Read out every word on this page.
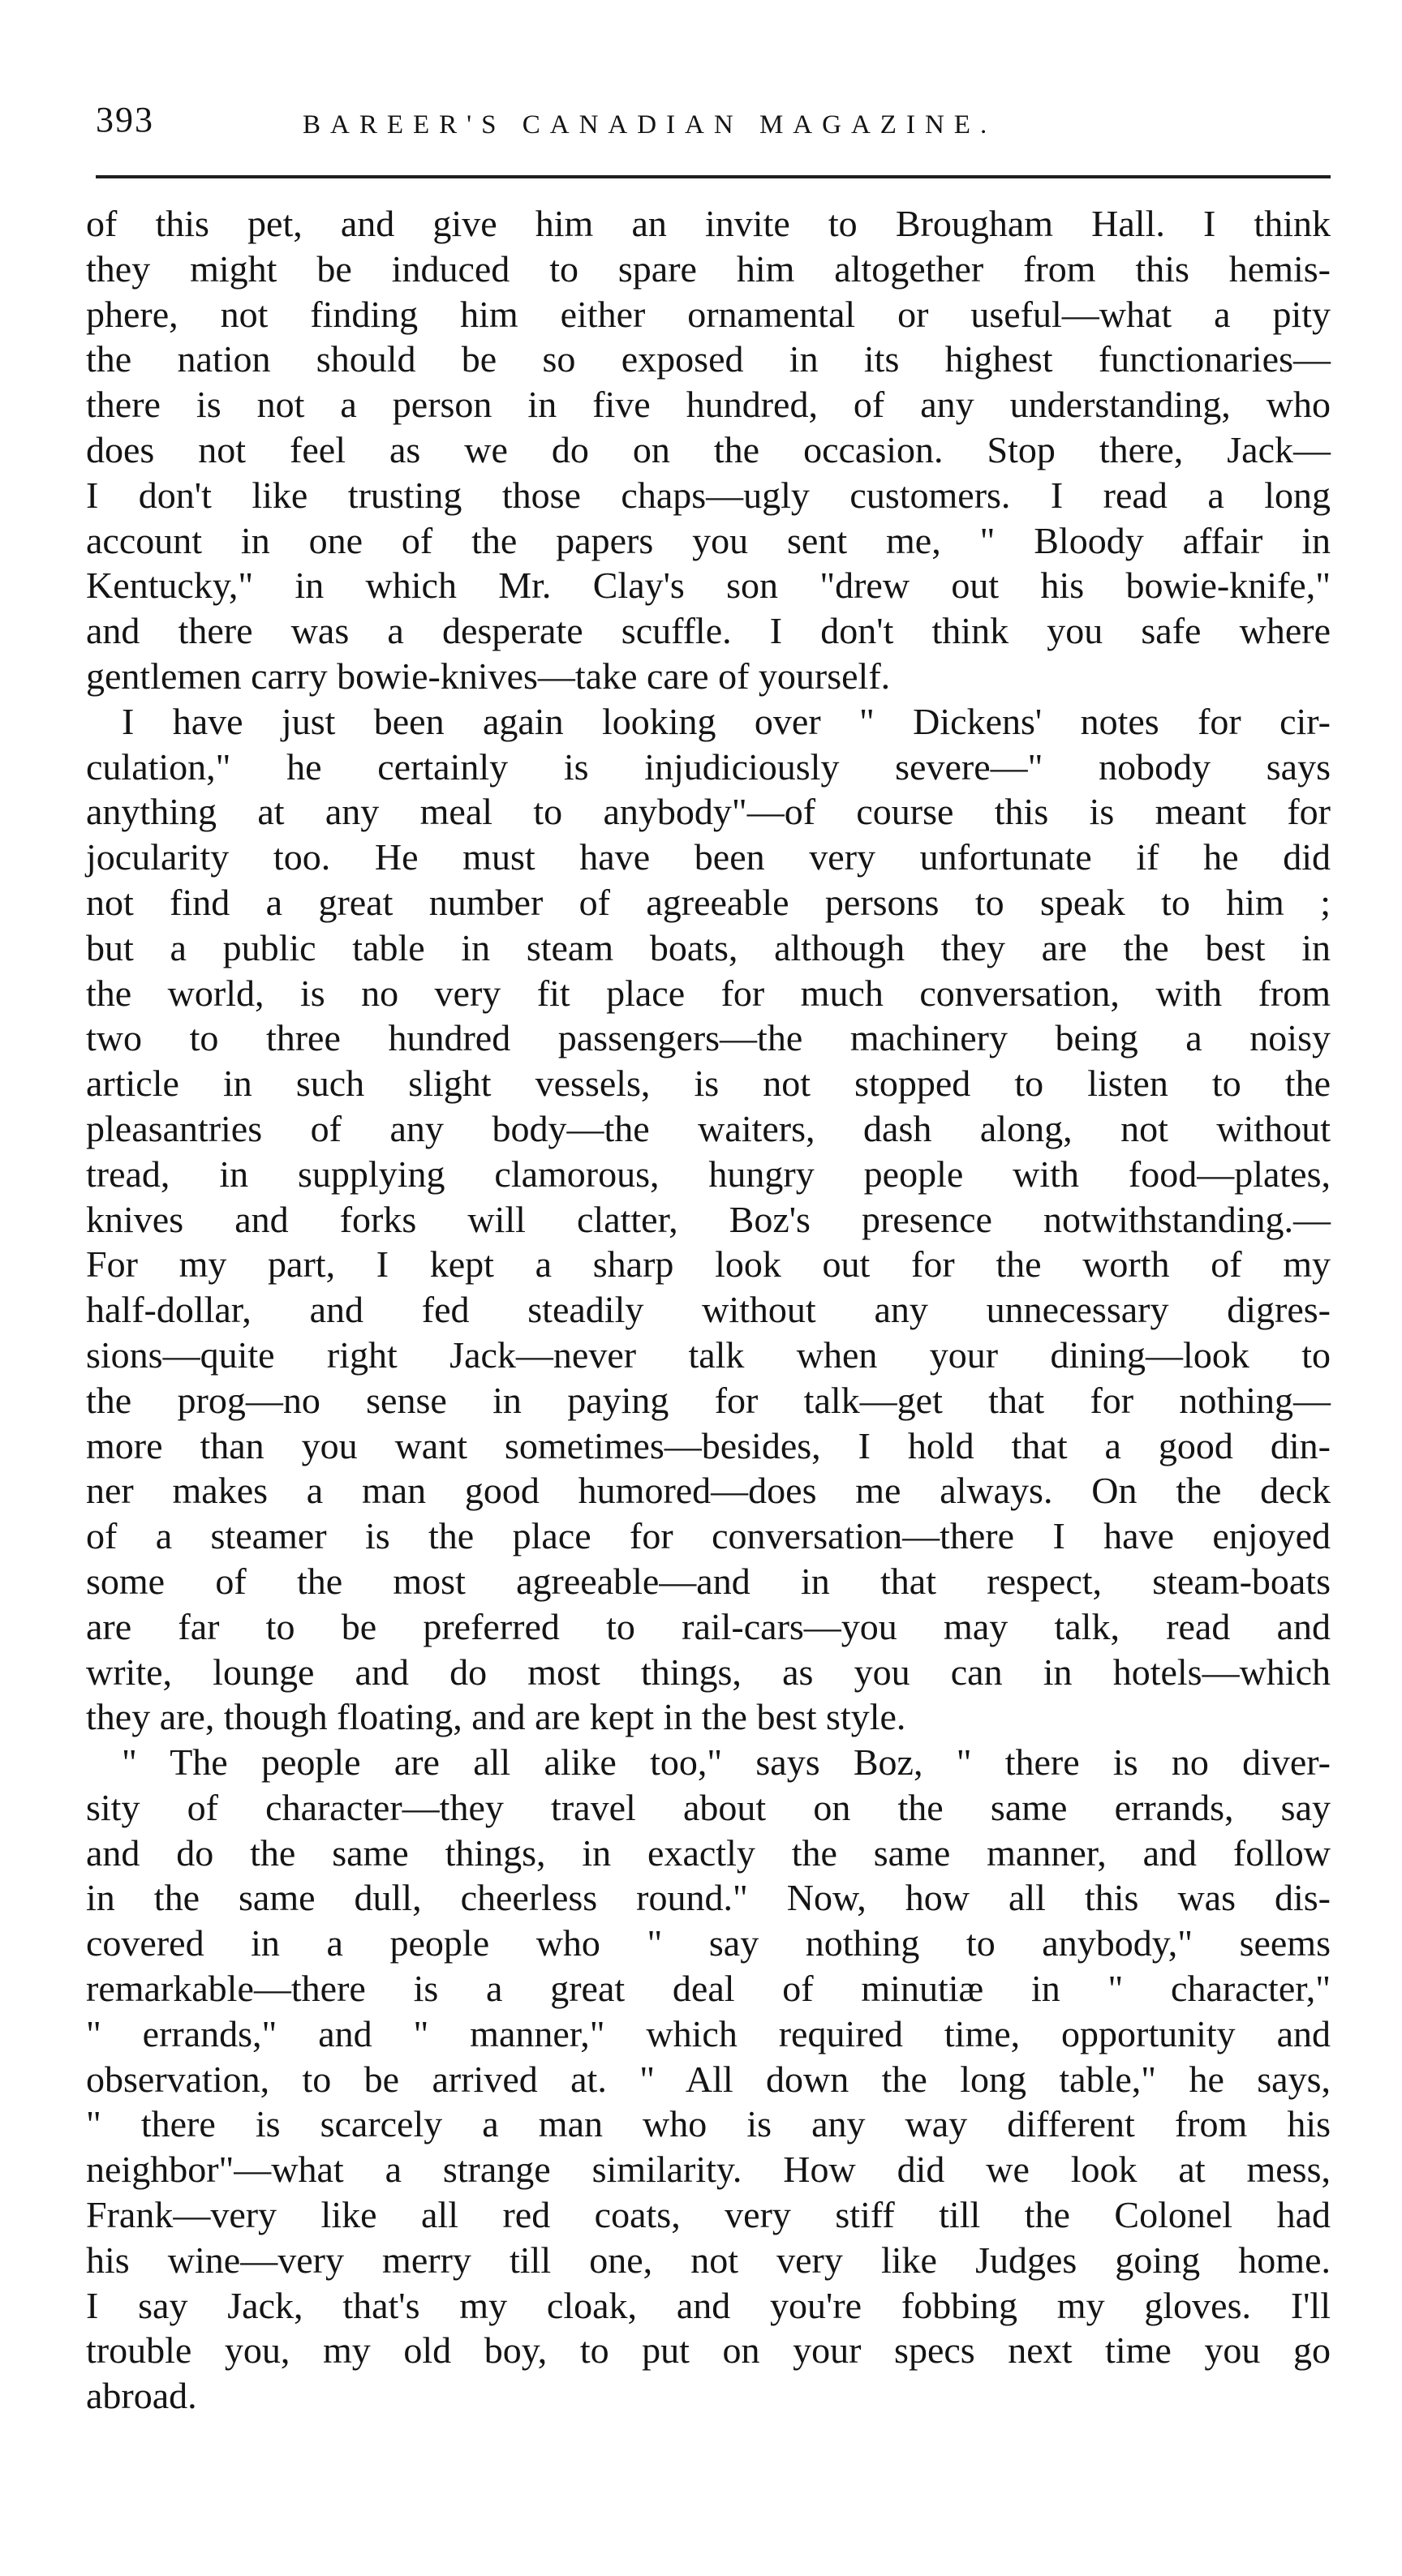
393	BAREER'S CANADIAN MAGAZINE.

of this pet, and give him an invite to Brougham Hall. I think
they might be induced to spare him altogether from this hemis-
phere, not finding him either ornamental or useful—what a pity
the nation should be so exposed in its highest functionaries—
there is not a person in five hundred, of any understanding, who
does not feel as we do on the occasion. Stop there, Jack—
I don't like trusting those chaps—ugly customers. I read a long
account in one of the papers you sent me, " Bloody affair in
Kentucky," in which Mr. Clay's son "drew out his bowie-knife,"
and there was a desperate scuffle. I don't think you safe where
gentlemen carry bowie-knives—take care of yourself.

I have just been again looking over " Dickens' notes for cir-
culation," he certainly is injudiciously severe—" nobody says
anything at any meal to anybody"—of course this is meant for
jocularity too. He must have been very unfortunate if he did
not find a great number of agreeable persons to speak to him ;
but a public table in steam boats, although they are the best in
the world, is no very fit place for much conversation, with from
two to three hundred passengers—the machinery being a noisy
article in such slight vessels, is not stopped to listen to the
pleasantries of any body—the waiters, dash along, not without
tread, in supplying clamorous, hungry people with food—plates,
knives and forks will clatter, Boz's presence notwithstanding.—
For my part, I kept a sharp look out for the worth of my
half-dollar, and fed steadily without any unnecessary digres-
sions—quite right Jack—never talk when your dining—look to
the prog—no sense in paying for talk—get that for nothing—
more than you want sometimes—besides, I hold that a good din-
ner makes a man good humored—does me always. On the deck
of a steamer is the place for conversation—there I have enjoyed
some of the most agreeable—and in that respect, steam-boats
are far to be preferred to rail-cars—you may talk, read and
write, lounge and do most things, as you can in hotels—which
they are, though floating, and are kept in the best style.

" The people are all alike too," says Boz, " there is no diver-
sity of character—they travel about on the same errands, say
and do the same things, in exactly the same manner, and follow
in the same dull, cheerless round." Now, how all this was dis-
covered in a people who " say nothing to anybody," seems
remarkable—there is a great deal of minutiæ in " character,"
" errands," and " manner," which required time, opportunity and
observation, to be arrived at. " All down the long table," he says,
" there is scarcely a man who is any way different from his
neighbor"—what a strange similarity. How did we look at mess,
Frank—very like all red coats, very stiff till the Colonel had
his wine—very merry till one, not very like Judges going home.
I say Jack, that's my cloak, and you're fobbing my gloves. I'll
trouble you, my old boy, to put on your specs next time you go
abroad.
